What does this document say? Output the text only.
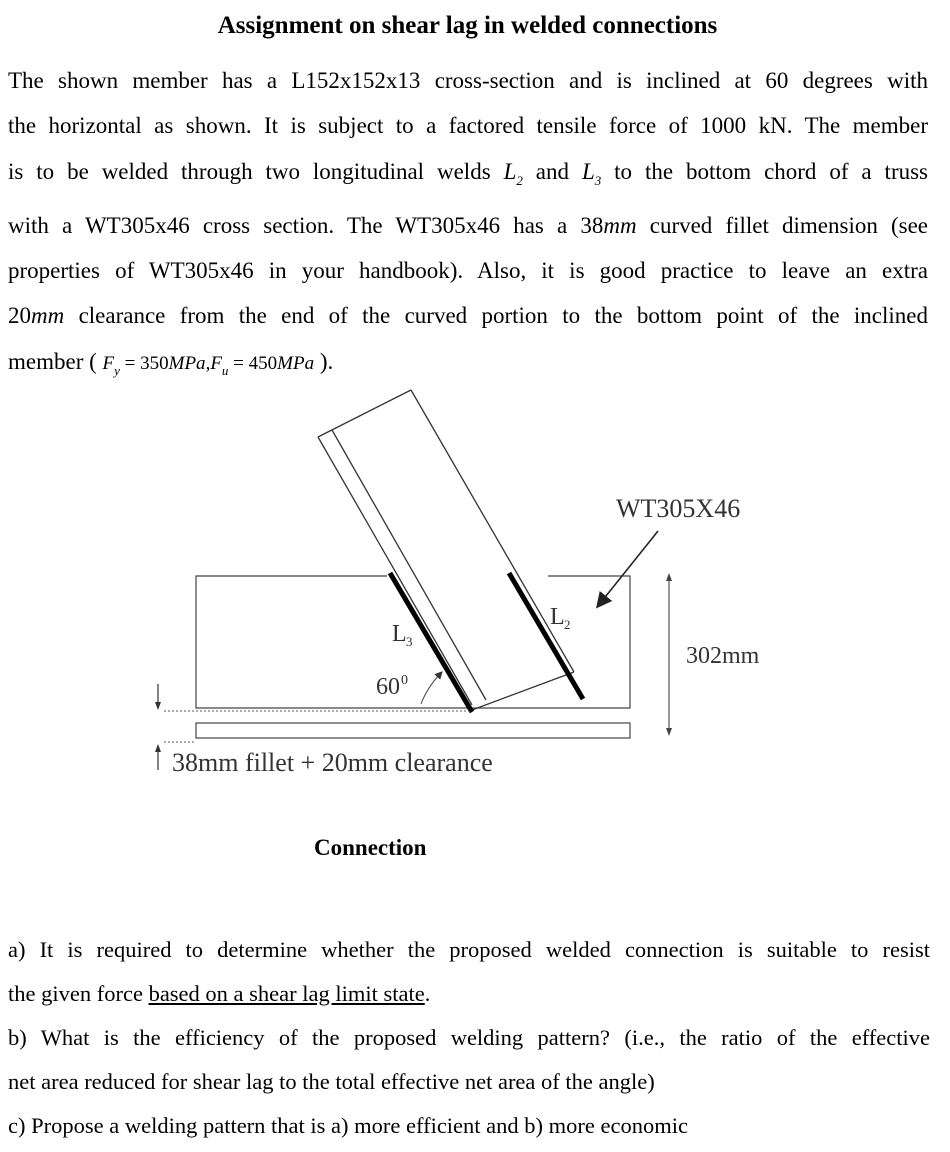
Assignment on shear lag in welded connections
The shown member has a L152x152x13 cross-section and is inclined at 60 degrees with
the horizontal as shown. It is subject to a factored tensile force of 1000 kN. The member
is to be welded through two longitudinal welds $L_2$ and $L_3$ to the bottom chord of a truss
with a WT305x46 cross section. The WT305x46 has a 38mm curved fillet dimension (see
properties of WT305x46 in your handbook). Also, it is good practice to leave an extra
20mm clearance from the end of the curved portion to the bottom point of the inclined
member ( $F_y = 350MPa,F_u = 450MPa$ ).
L 3
L 2
60 0
WT305X46
302mm
38mm fillet + 20mm clearance
Connection
a) It is required to determine whether the proposed welded connection is suitable to resist
the given force based on a shear lag limit state.
b) What is the efficiency of the proposed welding pattern? (i.e., the ratio of the effective
net area reduced for shear lag to the total effective net area of the angle)
c) Propose a welding pattern that is a) more efficient and b) more economic
